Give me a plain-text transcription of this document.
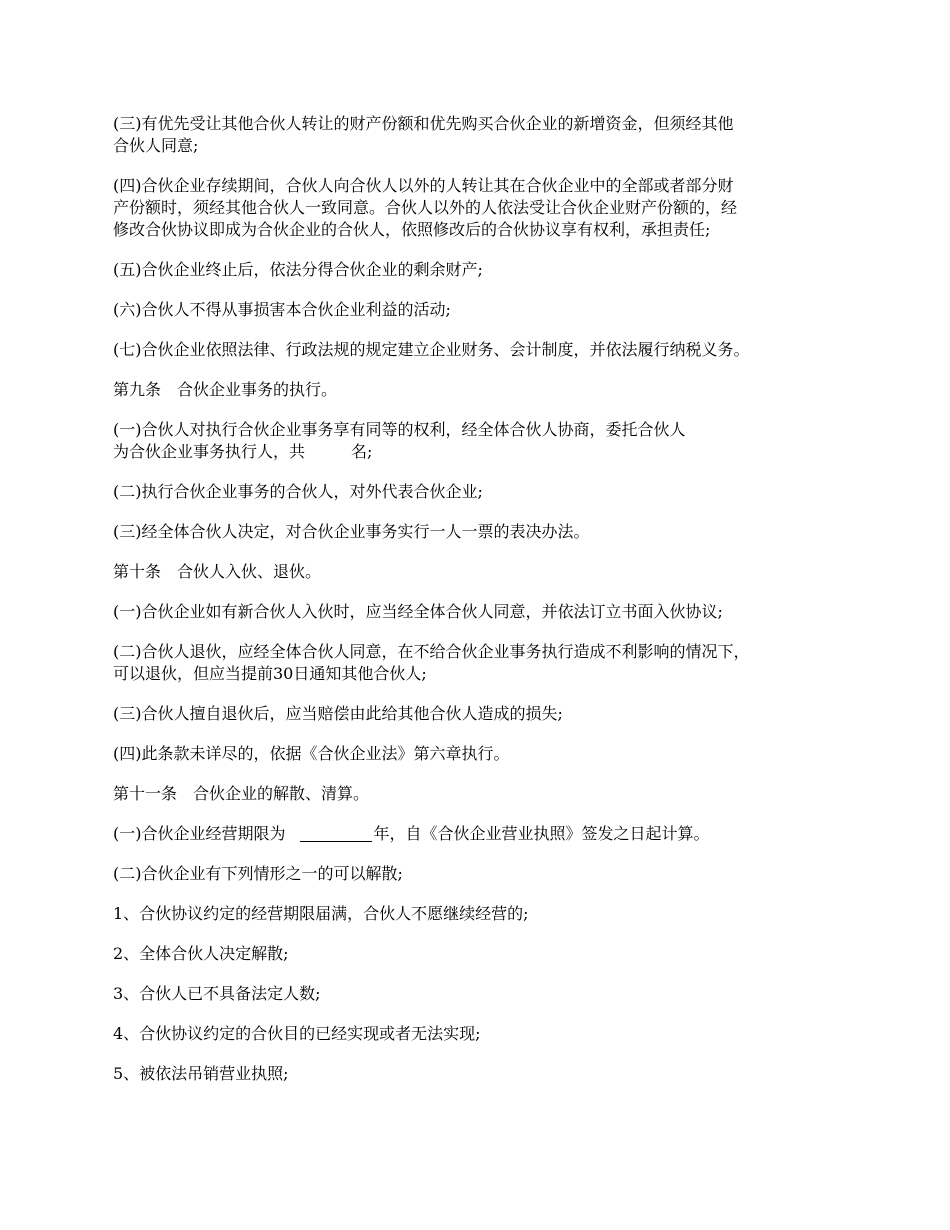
(三)有优先受让其他合伙人转让的财产份额和优先购买合伙企业的新增资金，但须经其他
合伙人同意;

(四)合伙企业存续期间，合伙人向合伙人以外的人转让其在合伙企业中的全部或者部分财
产份额时，须经其他合伙人一致同意。合伙人以外的人依法受让合伙企业财产份额的，经
修改合伙协议即成为合伙企业的合伙人，依照修改后的合伙协议享有权利，承担责任;

(五)合伙企业终止后，依法分得合伙企业的剩余财产;

(六)合伙人不得从事损害本合伙企业利益的活动;

(七)合伙企业依照法律、行政法规的规定建立企业财务、会计制度，并依法履行纳税义务。

第九条　合伙企业事务的执行。

(一)合伙人对执行合伙企业事务享有同等的权利，经全体合伙人协商，委托合伙人
为合伙企业事务执行人，共	名;

(二)执行合伙企业事务的合伙人，对外代表合伙企业;

(三)经全体合伙人决定，对合伙企业事务实行一人一票的表决办法。

第十条　合伙人入伙、退伙。

(一)合伙企业如有新合伙人入伙时，应当经全体合伙人同意，并依法订立书面入伙协议;

(二)合伙人退伙，应经全体合伙人同意，在不给合伙企业事务执行造成不利影响的情况下，
可以退伙，但应当提前30日通知其他合伙人;

(三)合伙人擅自退伙后，应当赔偿由此给其他合伙人造成的损失;

(四)此条款未详尽的，依据《合伙企业法》第六章执行。

第十一条　合伙企业的解散、清算。

(一)合伙企业经营期限为	年，自《合伙企业营业执照》签发之日起计算。

(二)合伙企业有下列情形之一的可以解散;

1、合伙协议约定的经营期限届满，合伙人不愿继续经营的;

2、全体合伙人决定解散;

3、合伙人已不具备法定人数;

4、合伙协议约定的合伙目的已经实现或者无法实现;

5、被依法吊销营业执照;
